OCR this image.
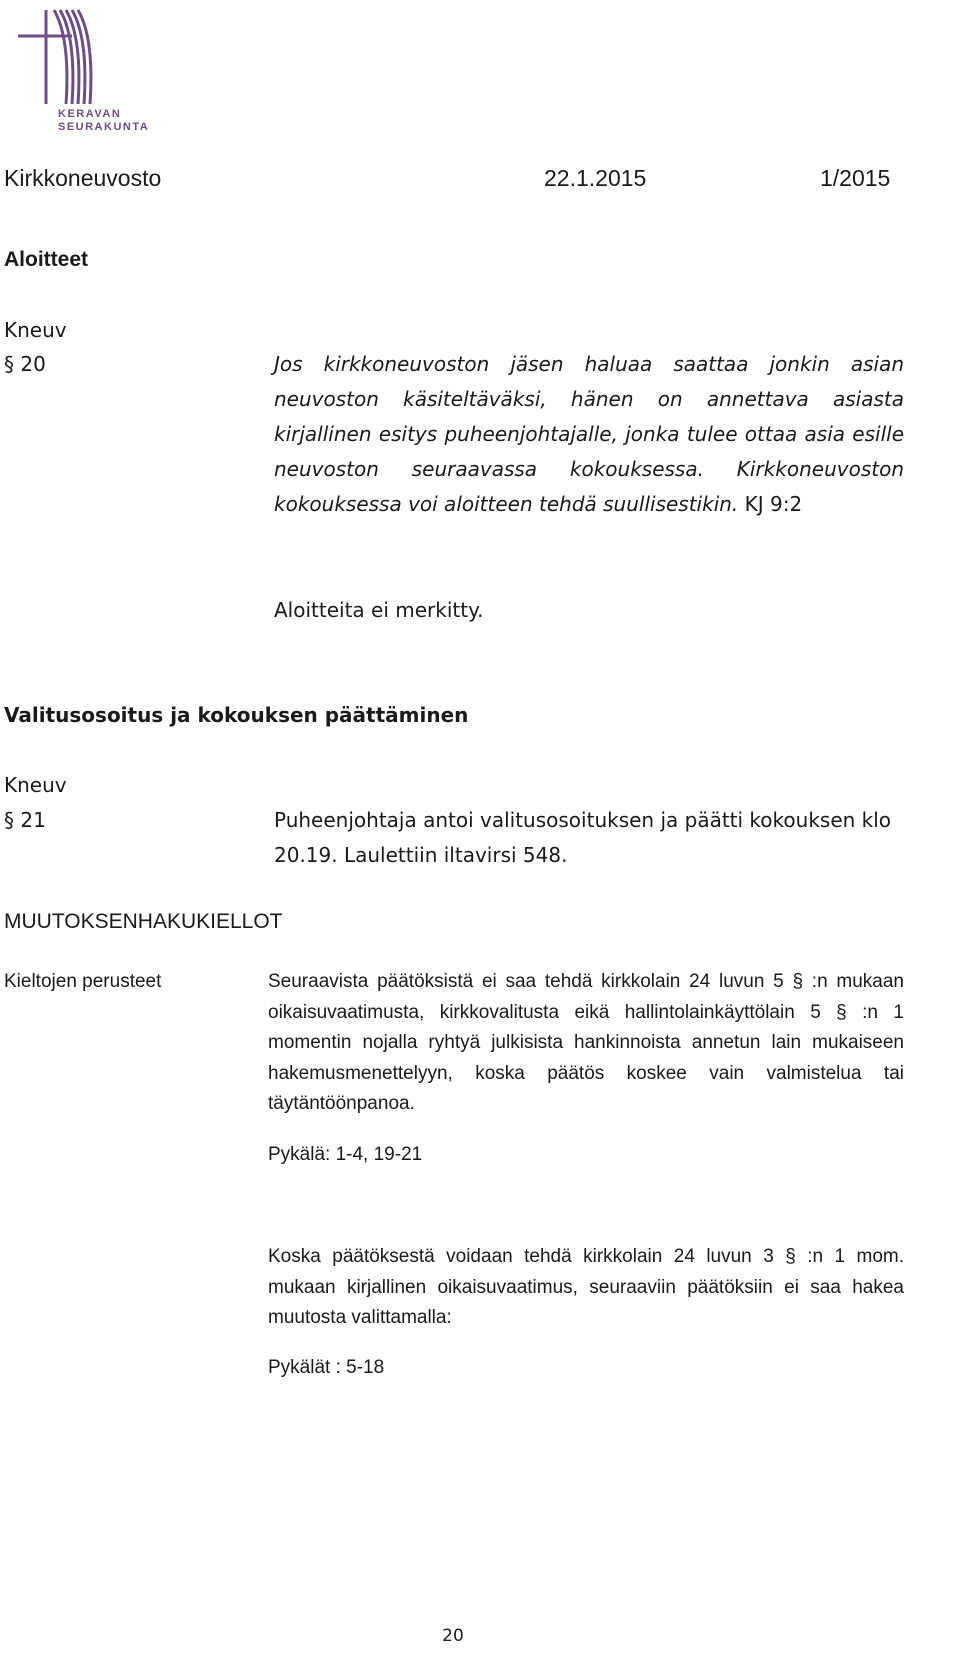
KERAVAN
SEURAKUNTA
Kirkkoneuvosto	22.1.2015	1/2015
Aloitteet
Kneuv
§ 20	Jos kirkkoneuvoston jäsen haluaa saattaa jonkin asian neuvoston käsiteltäväksi, hänen on annettava asiasta kirjallinen esitys puheenjohtajalle, jonka tulee ottaa asia esille neuvoston seuraavassa kokouksessa. Kirkkoneuvoston kokouksessa voi aloitteen tehdä suullisestikin. KJ 9:2
Aloitteita ei merkitty.
Valitusosoitus ja kokouksen päättäminen
Kneuv
§ 21	Puheenjohtaja antoi valitusosoituksen ja päätti kokouksen klo 20.19. Laulettiin iltavirsi 548.
MUUTOKSENHAKUKIELLOT
Kieltojen perusteet	Seuraavista päätöksistä ei saa tehdä kirkkolain 24 luvun 5 § :n mukaan oikaisuvaatimusta, kirkkovalitusta eikä hallintolainkäyttölain 5 § :n 1 momentin nojalla ryhtyä julkisista hankinnoista annetun lain mukaiseen hakemusmenettelyyn, koska päätös koskee vain valmistelua tai täytäntöönpanoa.
Pykälä: 1-4, 19-21
Koska päätöksestä voidaan tehdä kirkkolain 24 luvun 3 § :n 1 mom. mukaan kirjallinen oikaisuvaatimus, seuraaviin päätöksiin ei saa hakea muutosta valittamalla:
Pykälät : 5-18
20
